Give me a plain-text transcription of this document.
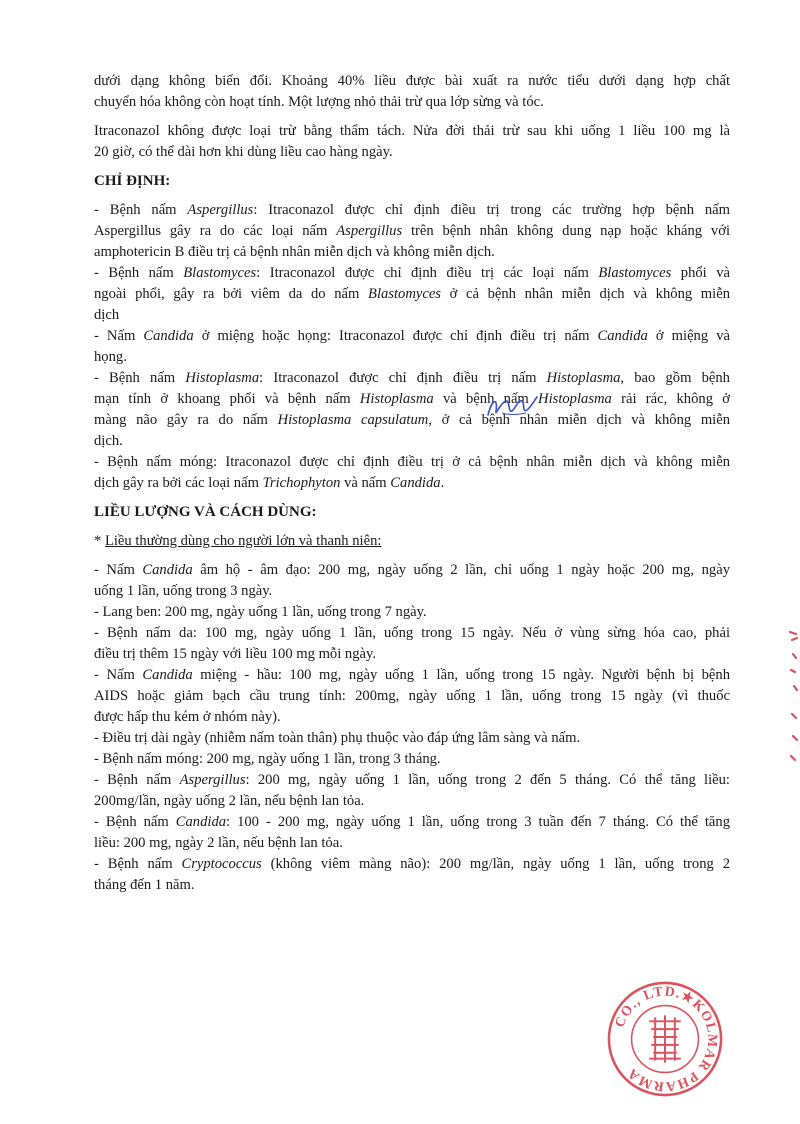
dưới dạng không biến đổi. Khoảng 40% liều được bài xuất ra nước tiểu dưới dạng hợp chất
chuyển hóa không còn hoạt tính. Một lượng nhỏ thải trừ qua lớp sừng và tóc.

Itraconazol không được loại trừ bằng thẩm tách. Nửa đời thải trừ sau khi uống 1 liều 100 mg là
20 giờ, có thể dài hơn khi dùng liều cao hàng ngày.

CHỈ ĐỊNH:
- Bệnh nấm Aspergillus: Itraconazol được chỉ định điều trị trong các trường hợp bệnh nấm
Aspergillus gây ra do các loại nấm Aspergillus trên bệnh nhân không dung nạp hoặc kháng với
amphotericin B điều trị cả bệnh nhân miễn dịch và không miễn dịch.
- Bệnh nấm Blastomyces: Itraconazol được chỉ định điều trị các loại nấm Blastomyces phổi và
ngoài phổi, gây ra bởi viêm da do nấm Blastomyces ở cả bệnh nhân miễn dịch và không miễn
dịch
- Nấm Candida ở miệng hoặc họng: Itraconazol được chỉ định điều trị nấm Candida ở miệng và
họng.
- Bệnh nấm Histoplasma: Itraconazol được chỉ định điều trị nấm Histoplasma, bao gồm bệnh
mạn tính ở khoang phổi và bệnh nấm Histoplasma và bệnh nấm Histoplasma rải rác, không ở
màng não gây ra do nấm Histoplasma capsulatum, ở cả bệnh nhân miễn dịch và không miễn
dịch.
- Bệnh nấm móng: Itraconazol được chỉ định điều trị ở cả bệnh nhân miễn dịch và không miễn
dịch gây ra bởi các loại nấm Trichophyton và nấm Candida.
LIỀU LƯỢNG VÀ CÁCH DÙNG:
* Liều thường dùng cho người lớn và thanh niên:
- Nấm Candida âm hộ - âm đạo: 200 mg, ngày uống 2 lần, chỉ uống 1 ngày hoặc 200 mg, ngày
uống 1 lần, uống trong 3 ngày.
- Lang ben: 200 mg, ngày uống 1 lần, uống trong 7 ngày.
- Bệnh nấm da: 100 mg, ngày uống 1 lần, uống trong 15 ngày. Nếu ở vùng sừng hóa cao, phải
điều trị thêm 15 ngày với liều 100 mg mỗi ngày.
- Nấm Candida miệng - hầu: 100 mg, ngày uống 1 lần, uống trong 15 ngày. Người bệnh bị bệnh
AIDS hoặc giảm bạch cầu trung tính: 200mg, ngày uống 1 lần, uống trong 15 ngày (vì thuốc
được hấp thu kém ở nhóm này).
- Điều trị dài ngày (nhiễm nấm toàn thân) phụ thuộc vào đáp ứng lâm sàng và nấm.
- Bệnh nấm móng: 200 mg, ngày uống 1 lần, trong 3 tháng.
- Bệnh nấm Aspergillus: 200 mg, ngày uống 1 lần, uống trong 2 đến 5 tháng. Có thể tăng liều:
200mg/lần, ngày uống 2 lần, nếu bệnh lan tỏa.
- Bệnh nấm Candida: 100 - 200 mg, ngày uống 1 lần, uống trong 3 tuần đến 7 tháng. Có thể tăng
liều: 200 mg, ngày 2 lần, nếu bệnh lan tỏa.
- Bệnh nấm Cryptococcus (không viêm màng não): 200 mg/lần, ngày uống 1 lần, uống trong 2
tháng đến 1 năm.
CO., LTD.★KOLMAR PHARMA
